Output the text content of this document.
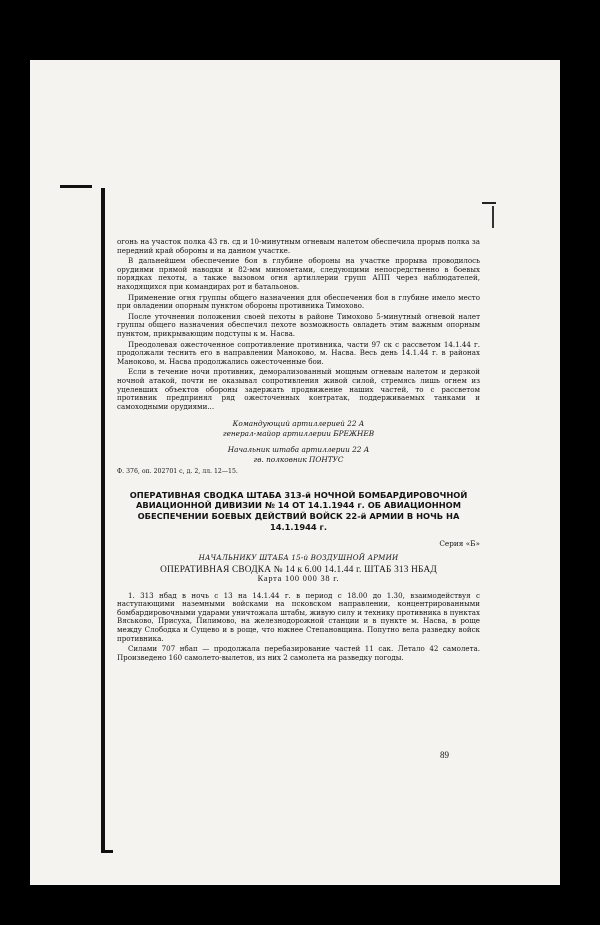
огонь на участок полка 43 гв. сд и 10-минутным огневым налетом обеспечила прорыв полка за передний край обороны и на данном участке.

В дальнейшем обеспечение боя в глубине обороны на участке прорыва проводилось орудиями прямой наводки и 82-мм минометами, следующими непосредственно в боевых порядках пехоты, а также вызовом огня артиллерии групп АПП через наблюдателей, находящихся при командирах рот и батальонов.

Применение огня группы общего назначения для обеспечения боя в глубине имело место при овладении опорным пунктом обороны противника Тимохово.

После уточнения положения своей пехоты в районе Тимохово 5-минутный огневой налет группы общего назначения обеспечил пехоте возможность овладеть этим важным опорным пунктом, прикрывающим подступы к м. Насва.

Преодолевая ожесточенное сопротивление противника, части 97 ск с рассветом 14.1.44 г. продолжали теснить его в направлении Маноково, м. Насва. Весь день 14.1.44 г. в районах Маноково, м. Насва продолжались ожесточенные бои.

Если в течение ночи противник, деморализованный мощным огневым налетом и дерзкой ночной атакой, почти не оказывал сопротивления живой силой, стремясь лишь огнем из уцелевших объектов обороны задержать продвижение наших частей, то с рассветом противник предпринял ряд ожесточенных контратак, поддерживаемых танками и самоходными орудиями...

Командующий артиллерией 22 А

генерал-майор артиллерии БРЕЖНЕВ

Начальник штаба артиллерии 22 А

гв. полковник ПОНТУС

Ф. 376, оп. 202701 с, д. 2, лл. 12—15.

ОПЕРАТИВНАЯ СВОДКА ШТАБА 313-й НОЧНОЙ БОМБАРДИРОВОЧНОЙ АВИАЦИОННОЙ ДИВИЗИИ № 14 ОТ 14.1.1944 г. ОБ АВИАЦИОННОМ ОБЕСПЕЧЕНИИ БОЕВЫХ ДЕЙСТВИЙ ВОЙСК 22-й АРМИИ В НОЧЬ НА 14.1.1944 г.

Серия «Б»

НАЧАЛЬНИКУ ШТАБА 15-й ВОЗДУШНОЙ АРМИИ

ОПЕРАТИВНАЯ СВОДКА № 14 к 6.00 14.1.44 г. ШТАБ 313 НБАД

Карта 100 000 38 г.

1. 313 нбад в ночь с 13 на 14.1.44 г. в период с 18.00 до 1.30, взаимодействуя с наступающими наземными войсками на псковском направлении, концентрированными бомбардировочными ударами уничтожала штабы, живую силу и технику противника в пунктах Вяськово, Присуха, Пилимово, на железнодорожной станции и в пункте м. Насва, в роще между Слободка и Сущево и в роще, что южнее Степановщина. Попутно вела разведку войск противника.

Силами 707 нбап — продолжала перебазирование частей 11 сак. Летало 42 самолета. Произведено 160 самолето-вылетов, из них 2 самолета на разведку погоды.

89
